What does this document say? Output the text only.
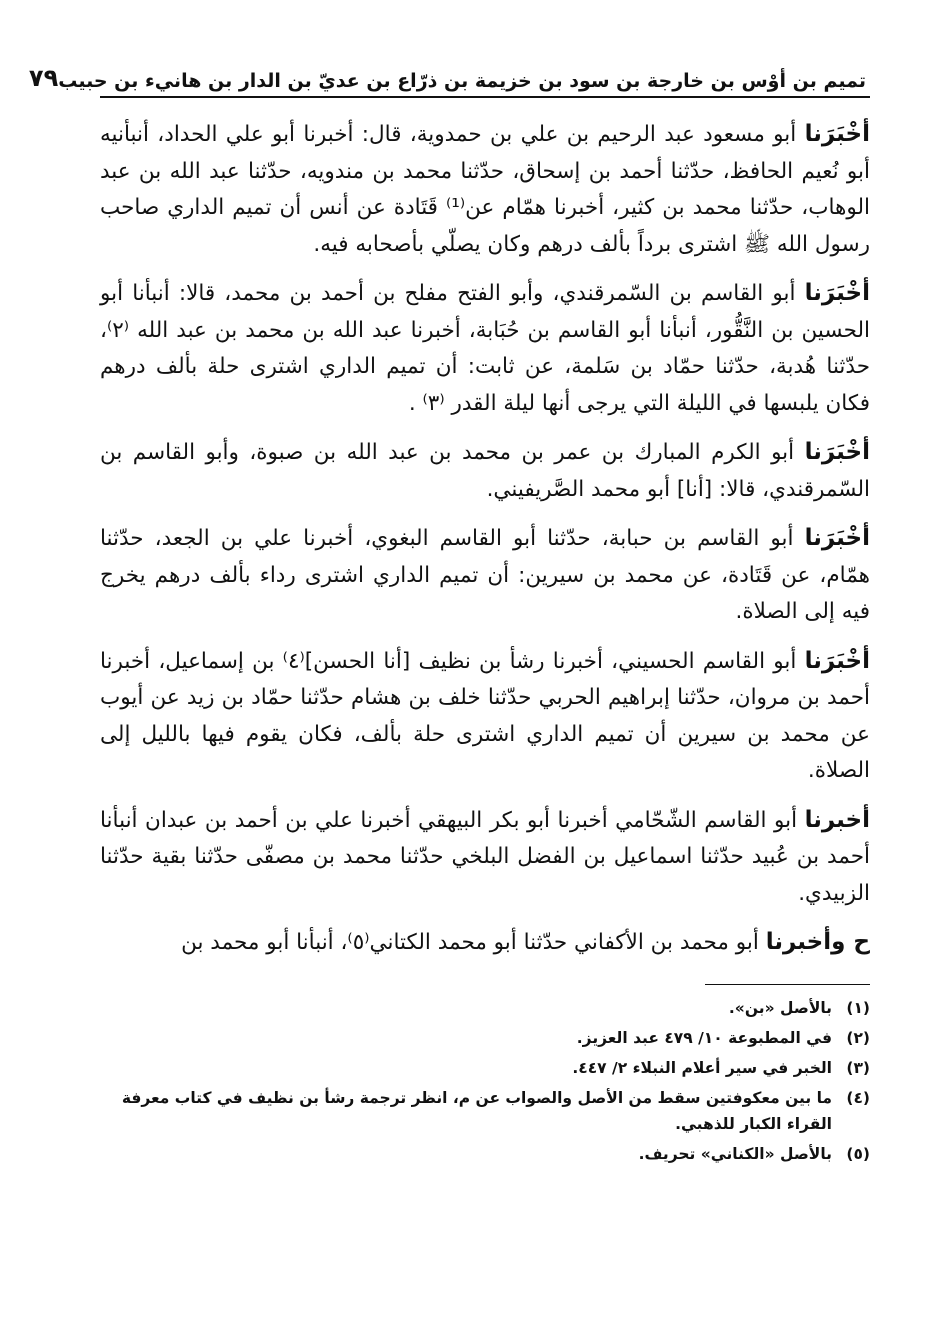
تميم بن أوْس بن خارجة بن سود بن خزيمة بن ذرّاع بن عديّ بن الدار بن هانيء بن حبيب
٧٩

أخْبَرَنا أبو مسعود عبد الرحيم بن علي بن حمدوية، قال: أخبرنا أبو علي الحداد، أنبأنيه أبو نُعيم الحافظ، حدّثنا أحمد بن إسحاق، حدّثنا محمد بن مندويه، حدّثنا عبد الله بن عبد الوهاب، حدّثنا محمد بن كثير، أخبرنا همّام عن⁽¹⁾ قَتَادة عن أنس أن تميم الداري صاحب رسول الله ﷺ اشترى برداً بألف درهم وكان يصلّي بأصحابه فيه.

أخْبَرَنا أبو القاسم بن السّمرقندي، وأبو الفتح مفلح بن أحمد بن محمد، قالا: أنبأنا أبو الحسين بن النَّقُّور، أنبأنا أبو القاسم بن حُبَابة، أخبرنا عبد الله بن محمد بن عبد الله ⁽٢⁾، حدّثنا هُدبة، حدّثنا حمّاد بن سَلمة، عن ثابت: أن تميم الداري اشترى حلة بألف درهم فكان يلبسها في الليلة التي يرجى أنها ليلة القدر ⁽٣⁾ .

أخْبَرَنا أبو الكرم المبارك بن عمر بن محمد بن عبد الله بن صبوة، وأبو القاسم بن السّمرقندي، قالا: [أنا] أبو محمد الصَّريفيني.

أخْبَرَنا أبو القاسم بن حبابة، حدّثنا أبو القاسم البغوي، أخبرنا علي بن الجعد، حدّثنا همّام، عن قَتَادة، عن محمد بن سيرين: أن تميم الداري اشترى رداء بألف درهم يخرج فيه إلى الصلاة.

أخْبَرَنا أبو القاسم الحسيني، أخبرنا رشأ بن نظيف [أنا الحسن]⁽٤⁾ بن إسماعيل، أخبرنا أحمد بن مروان، حدّثنا إبراهيم الحربي حدّثنا خلف بن هشام حدّثنا حمّاد بن زيد عن أيوب عن محمد بن سيرين أن تميم الداري اشترى حلة بألف، فكان يقوم فيها بالليل إلى الصلاة.

أخبرنا أبو القاسم الشّحّامي أخبرنا أبو بكر البيهقي أخبرنا علي بن أحمد بن عبدان أنبأنا أحمد بن عُبيد حدّثنا اسماعيل بن الفضل البلخي حدّثنا محمد بن مصفّى حدّثنا بقية حدّثنا الزبيدي.

ح وأخبرنا أبو محمد بن الأكفاني حدّثنا أبو محمد الكتاني⁽٥⁾، أنبأنا أبو محمد بن

(١)
بالأصل «بن».
(٢)
في المطبوعة ١٠/ ٤٧٩ عبد العزيز.
(٣)
الخبر في سير أعلام النبلاء ٢/ ٤٤٧.
(٤)
ما بين معكوفتين سقط من الأصل والصواب عن م، انظر ترجمة رشأ بن نظيف في كتاب معرفة القراء الكبار للذهبي.
(٥)
بالأصل «الكناني» تحريف.
